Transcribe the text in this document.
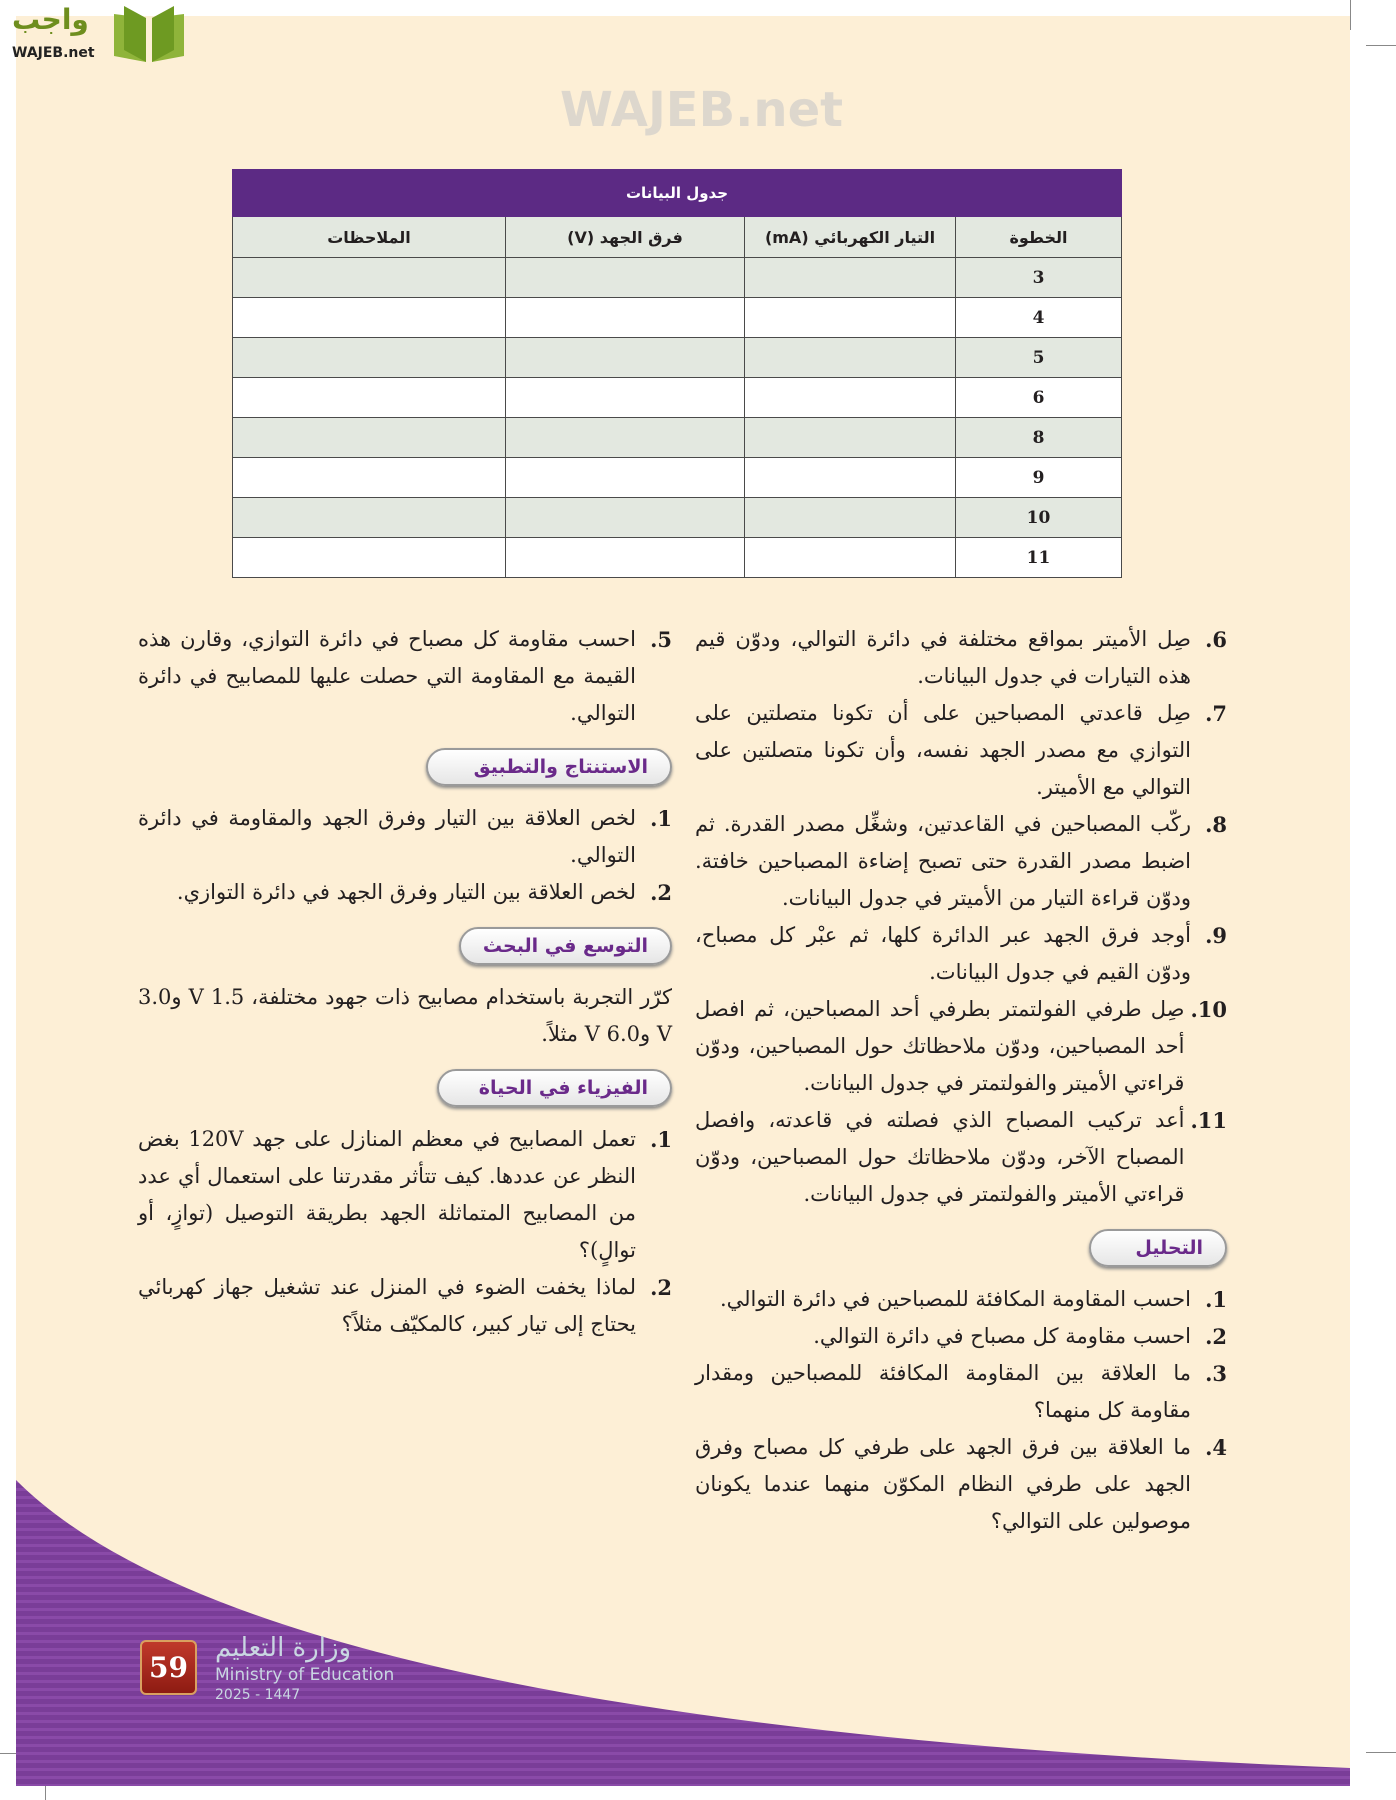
واجب
WAJEB.net
WAJEB.net
جدول البيانات			
الخطوة	التيار الكهربائي (mA)	فرق الجهد (V)	الملاحظات
3			
4			
5			
6			
8			
9			
10			
11			
6.
صِل الأميتر بمواقع مختلفة في دائرة التوالي، ودوّن قيم هذه التيارات في جدول البيانات.
7.
صِل قاعدتي المصباحين على أن تكونا متصلتين على التوازي مع مصدر الجهد نفسه، وأن تكونا متصلتين على التوالي مع الأميتر.
8.
ركّب المصباحين في القاعدتين، وشغِّل مصدر القدرة. ثم اضبط مصدر القدرة حتى تصبح إضاءة المصباحين خافتة. ودوّن قراءة التيار من الأميتر في جدول البيانات.
9.
أوجد فرق الجهد عبر الدائرة كلها، ثم عبْر كل مصباح، ودوّن القيم في جدول البيانات.
10.
صِل طرفي الفولتمتر بطرفي أحد المصباحين، ثم افصل أحد المصباحين، ودوّن ملاحظاتك حول المصباحين، ودوّن قراءتي الأميتر والفولتمتر في جدول البيانات.
11.
أعد تركيب المصباح الذي فصلته في قاعدته، وافصل المصباح الآخر، ودوّن ملاحظاتك حول المصباحين، ودوّن قراءتي الأميتر والفولتمتر في جدول البيانات.
التحليل
1.
احسب المقاومة المكافئة للمصباحين في دائرة التوالي.
2.
احسب مقاومة كل مصباح في دائرة التوالي.
3.
ما العلاقة بين المقاومة المكافئة للمصباحين ومقدار مقاومة كل منهما؟
4.
ما العلاقة بين فرق الجهد على طرفي كل مصباح وفرق الجهد على طرفي النظام المكوّن منهما عندما يكونان موصولين على التوالي؟
5.
احسب مقاومة كل مصباح في دائرة التوازي، وقارن هذه القيمة مع المقاومة التي حصلت عليها للمصابيح في دائرة التوالي.
الاستنتاج والتطبيق
1.
لخص العلاقة بين التيار وفرق الجهد والمقاومة في دائرة التوالي.
2.
لخص العلاقة بين التيار وفرق الجهد في دائرة التوازي.
التوسع في البحث
كرّر التجربة باستخدام مصابيح ذات جهود مختلفة، 1.5 V و3.0 V و6.0 V مثلاً.
الفيزياء في الحياة
1.
تعمل المصابيح في معظم المنازل على جهد 120V بغض النظر عن عددها. كيف تتأثر مقدرتنا على استعمال أي عدد من المصابيح المتماثلة الجهد بطريقة التوصيل (توازٍ، أو توالٍ)؟
2.
لماذا يخفت الضوء في المنزل عند تشغيل جهاز كهربائي يحتاج إلى تيار كبير، كالمكيّف مثلاً؟
وزارة التعليم
Ministry of Education
2025 - 1447
59
